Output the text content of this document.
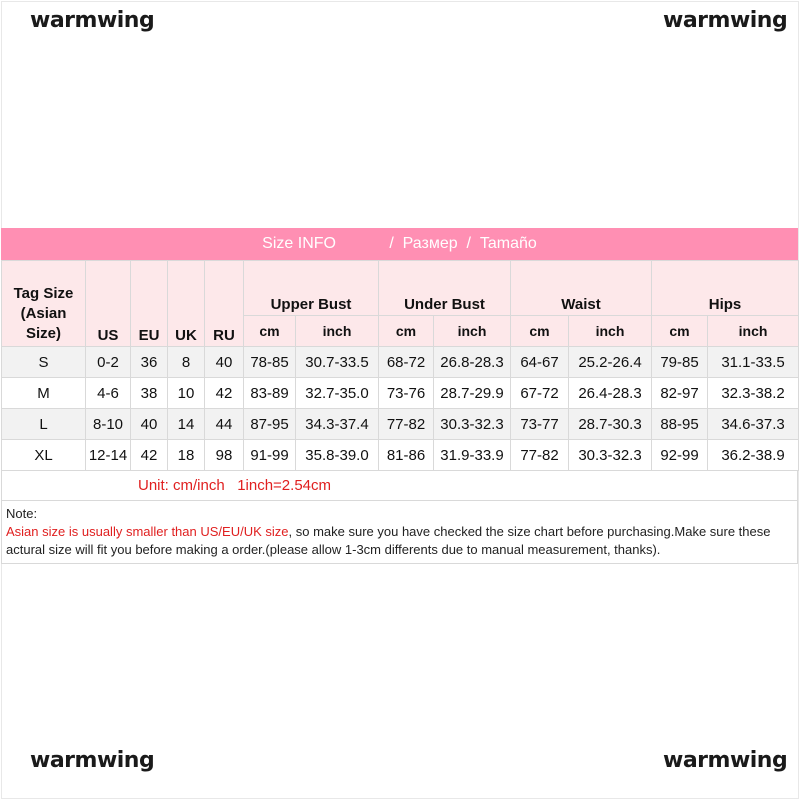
warmwing	warmwing
warmwing	warmwing
Size INFO
	/
Размер
/
Tamaño
Tag Size (Asian Size)	US	EU	UK	RU	Upper Bust		Under Bust		Waist		Hips	
					cm	inch	cm	inch	cm	inch	cm	inch
S	0-2	36	8	40	78-85	30.7-33.5	68-72	26.8-28.3	64-67	25.2-26.4	79-85	31.1-33.5
M	4-6	38	10	42	83-89	32.7-35.0	73-76	28.7-29.9	67-72	26.4-28.3	82-97	32.3-38.2
L	8-10	40	14	44	87-95	34.3-37.4	77-82	30.3-32.3	73-77	28.7-30.3	88-95	34.6-37.3
XL	12-14	42	18	98	91-99	35.8-39.0	81-86	31.9-33.9	77-82	30.3-32.3	92-99	36.2-38.9
Unit: cm/inch   1inch=2.54cm
Note:
Asian size is usually smaller than US/EU/UK size, so make sure you have checked the size chart before purchasing.Make sure these actural size will fit you before making a order.(please allow 1-3cm differents due to manual measurement, thanks).
